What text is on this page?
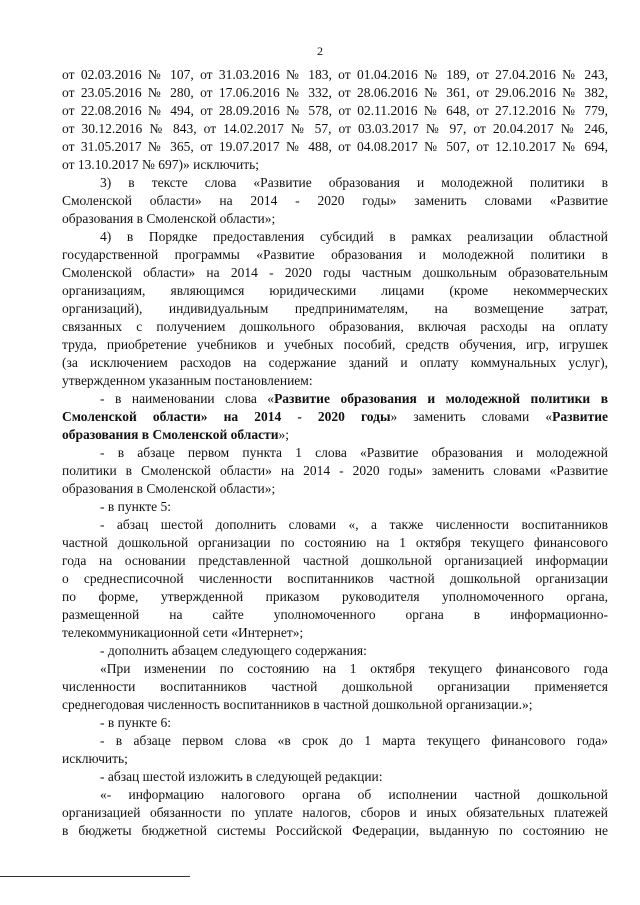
2
от 02.03.2016 № 107, от 31.03.2016 № 183, от 01.04.2016 № 189, от 27.04.2016 № 243,
от 23.05.2016 № 280, от 17.06.2016 № 332, от 28.06.2016 № 361, от 29.06.2016 № 382,
от 22.08.2016 № 494, от 28.09.2016 № 578, от 02.11.2016 № 648, от 27.12.2016 № 779,
от 30.12.2016 № 843, от 14.02.2017 № 57, от 03.03.2017 № 97, от 20.04.2017 № 246,
от 31.05.2017 № 365, от 19.07.2017 № 488, от 04.08.2017 № 507, от 12.10.2017 № 694,
от 13.10.2017 № 697)» исключить;
3) в тексте слова «Развитие образования и молодежной политики в
Смоленской области» на 2014 - 2020 годы» заменить словами «Развитие
образования в Смоленской области»;
4) в Порядке предоставления субсидий в рамках реализации областной
государственной программы «Развитие образования и молодежной политики в
Смоленской области» на 2014 - 2020 годы частным дошкольным образовательным
организациям, являющимся юридическими лицами (кроме некоммерческих
организаций), индивидуальным предпринимателям, на возмещение затрат,
связанных с получением дошкольного образования, включая расходы на оплату
труда, приобретение учебников и учебных пособий, средств обучения, игр, игрушек
(за исключением расходов на содержание зданий и оплату коммунальных услуг),
утвержденном указанным постановлением:
- в наименовании слова «Развитие образования и молодежной политики в
Смоленской области» на 2014 - 2020 годы» заменить словами «Развитие
образования в Смоленской области»;
- в абзаце первом пункта 1 слова «Развитие образования и молодежной
политики в Смоленской области» на 2014 - 2020 годы» заменить словами «Развитие
образования в Смоленской области»;
- в пункте 5:
- абзац шестой дополнить словами «, а также численности воспитанников
частной дошкольной организации по состоянию на 1 октября текущего финансового
года на основании представленной частной дошкольной организацией информации
о среднесписочной численности воспитанников частной дошкольной организации
по форме, утвержденной приказом руководителя уполномоченного органа,
размещенной на сайте уполномоченного органа в информационно-
телекоммуникационной сети «Интернет»;
- дополнить абзацем следующего содержания:
«При изменении по состоянию на 1 октября текущего финансового года
численности воспитанников частной дошкольной организации применяется
среднегодовая численность воспитанников в частной дошкольной организации.»;
- в пункте 6:
- в абзаце первом слова «в срок до 1 марта текущего финансового года»
исключить;
- абзац шестой изложить в следующей редакции:
«- информацию налогового органа об исполнении частной дошкольной
организацией обязанности по уплате налогов, сборов и иных обязательных платежей
в бюджеты бюджетной системы Российской Федерации, выданную по состоянию не
